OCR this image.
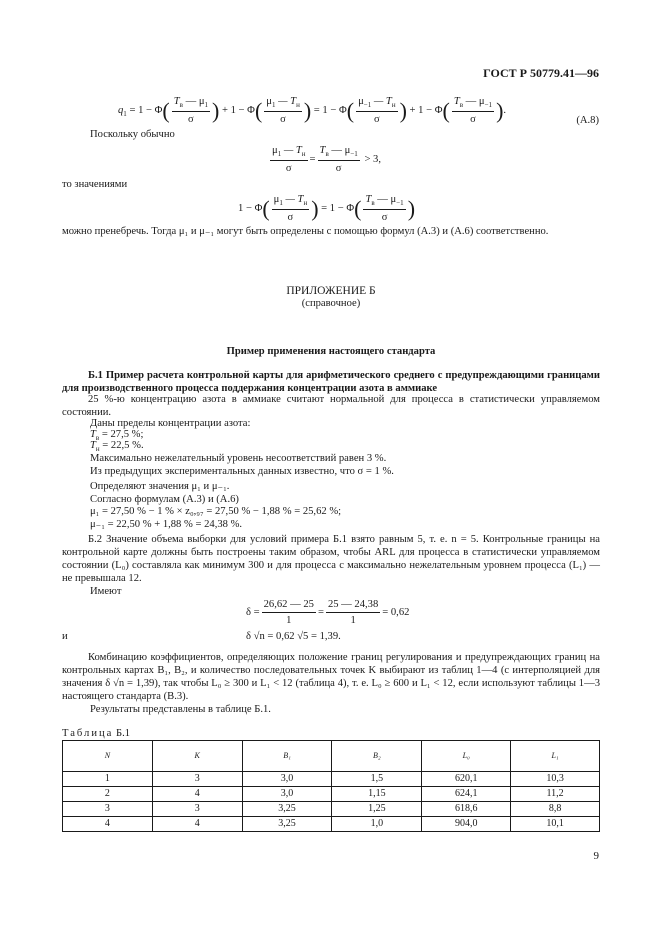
ГОСТ Р 50779.41—96
$q_1 = 1 - \Phi( \frac{T_в — \mu_1}{\sigma}$ ) + $1 - \Phi( \frac{\mu_1 — T_н}{\sigma}$ ) = $1 - \Phi( \frac{\mu_{-1} — T_н}{\sigma}$ ) + $1 - \Phi( \frac{T_в — \mu_{-1}}{\sigma}$ ).
(А.8)
Поскольку обычно
$\frac{\mu_1 — T_н}{\sigma} = \frac{T_в — \mu_{-1}}{\sigma} > 3$,
то значениями
$1 - \Phi( \frac{\mu_1 — T_н}{\sigma}$ ) = $1 - \Phi( \frac{T_в — \mu_{-1}}{\sigma}$ )
можно пренебречь. Тогда μ₁ и μ₋₁ могут быть определены с помощью формул (А.3) и (А.6) соответственно.
ПРИЛОЖЕНИЕ Б
(справочное)
Пример применения настоящего стандарта
Б.1 Пример расчета контрольной карты для арифметического среднего с предупреждающими границами для производственного процесса поддержания концентрации азота в аммиаке
25 %-ю концентрацию азота в аммиаке считают нормальной для процесса в статистически управляемом состоянии.
Даны пределы концентрации азота:
$T_в = 27,5$ %;
$T_н = 22,5$ %.
Максимально нежелательный уровень несоответствий равен 3 %.
Из предыдущих экспериментальных данных известно, что σ = 1 %.
Определяют значения μ₁ и μ₋₁.
Согласно формулам (А.3) и (А.6)
μ₁ = 27,50 % − 1 % × z₀,₉₇ = 27,50 % − 1,88 % = 25,62 %;
μ₋₁ = 22,50 % + 1,88 % = 24,38 %.
Б.2 Значение объема выборки для условий примера Б.1 взято равным 5, т. е. n = 5. Контрольные границы на контрольной карте должны быть построены таким образом, чтобы ARL для процесса в статистически управляемом состоянии (L₀) составляла как минимум 300 и для процесса с максимально нежелательным уровнем процесса (L₁) — не превышала 12.
Имеют
$\delta = \frac{26,62 — 25}{1} = \frac{25 — 24,38}{1} = 0,62$
и	δ √n = 0,62 √5 = 1,39.
Комбинацию коэффициентов, определяющих положение границ регулирования и предупреждающих границ на контрольных картах B₁, B₂, и количество последовательных точек K выбирают из таблиц 1—4 (с интерполяцией для значения δ √n = 1,39), так чтобы L₀ ≥ 300 и L₁ < 12 (таблица 4), т. е. L₀ ≥ 600 и L₁ < 12, если используют таблицы 1—3 настоящего стандарта (В.3).
Результаты представлены в таблице Б.1.
Таблица Б.1
N	K	B₁	B₂	L₀	L₁
1	3	3,0	1,5	620,1	10,3
2	4	3,0	1,15	624,1	11,2
3	3	3,25	1,25	618,6	8,8
4	4	3,25	1,0	904,0	10,1
9
